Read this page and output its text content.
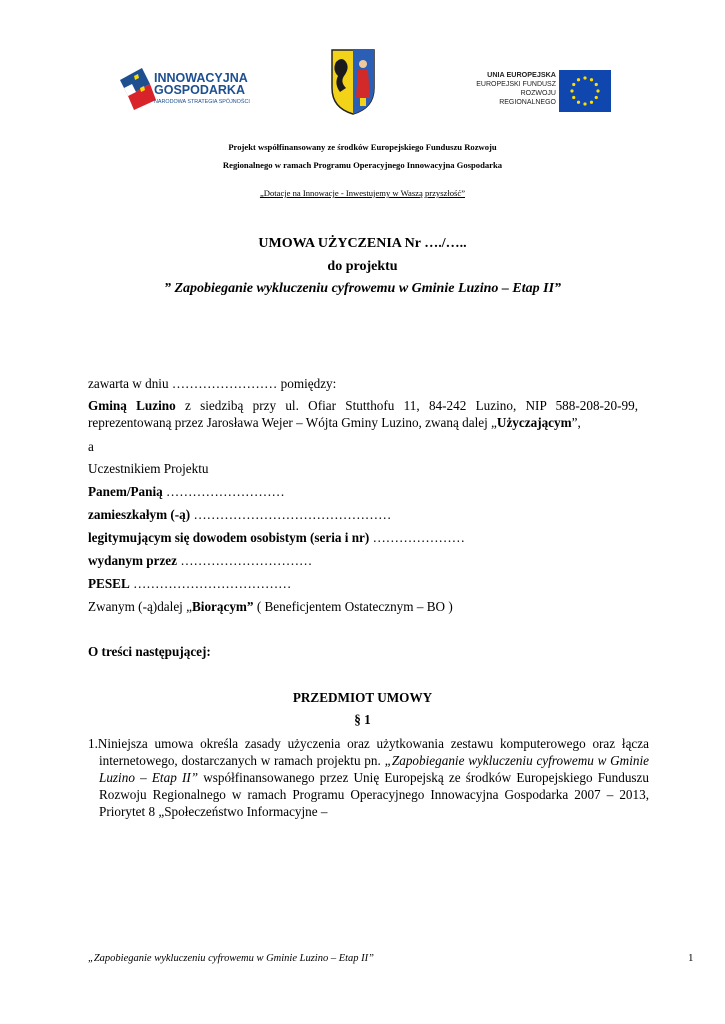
INNOWACYJNA
GOSPODARKA
NARODOWA STRATEGIA SPÓJNOŚCI
UNIA EUROPEJSKA
EUROPEJSKI FUNDUSZ
ROZWOJU REGIONALNEGO
Projekt współfinansowany ze środków Europejskiego Funduszu Rozwoju
Regionalnego w ramach Programu Operacyjnego Innowacyjna Gospodarka
„Dotacje na Innowacje - Inwestujemy w Waszą przyszłość”
UMOWA UŻYCZENIA Nr …./…..
do projektu
” Zapobieganie wykluczeniu cyfrowemu w Gminie Luzino – Etap II”
zawarta w dniu …………………… pomiędzy:
Gminą Luzino z siedzibą przy ul. Ofiar Stutthofu 11, 84-242 Luzino, NIP 588-208-20-99, reprezentowaną przez Jarosława Wejer – Wójta Gminy Luzino, zwaną dalej „Użyczającym”,
a
Uczestnikiem Projektu
Panem/Panią ………………………
zamieszkałym (-ą) ………………………………………
legitymującym się dowodem osobistym (seria i nr) …………………
wydanym przez …………………………
PESEL ………………………………
Zwanym (-ą)dalej „Biorącym” ( Beneficjentem Ostatecznym – BO )
O treści następującej:
PRZEDMIOT UMOWY
§ 1
1.Niniejsza umowa określa zasady użyczenia oraz użytkowania zestawu komputerowego oraz łącza internetowego, dostarczanych w ramach projektu pn. „Zapobieganie wykluczeniu cyfrowemu w Gminie Luzino – Etap II” współfinansowanego przez Unię Europejską ze środków Europejskiego Funduszu Rozwoju Regionalnego w ramach Programu Operacyjnego Innowacyjna Gospodarka 2007 – 2013, Priorytet 8 „Społeczeństwo Informacyjne –
„Zapobieganie wykluczeniu cyfrowemu w Gminie Luzino – Etap II”	1
